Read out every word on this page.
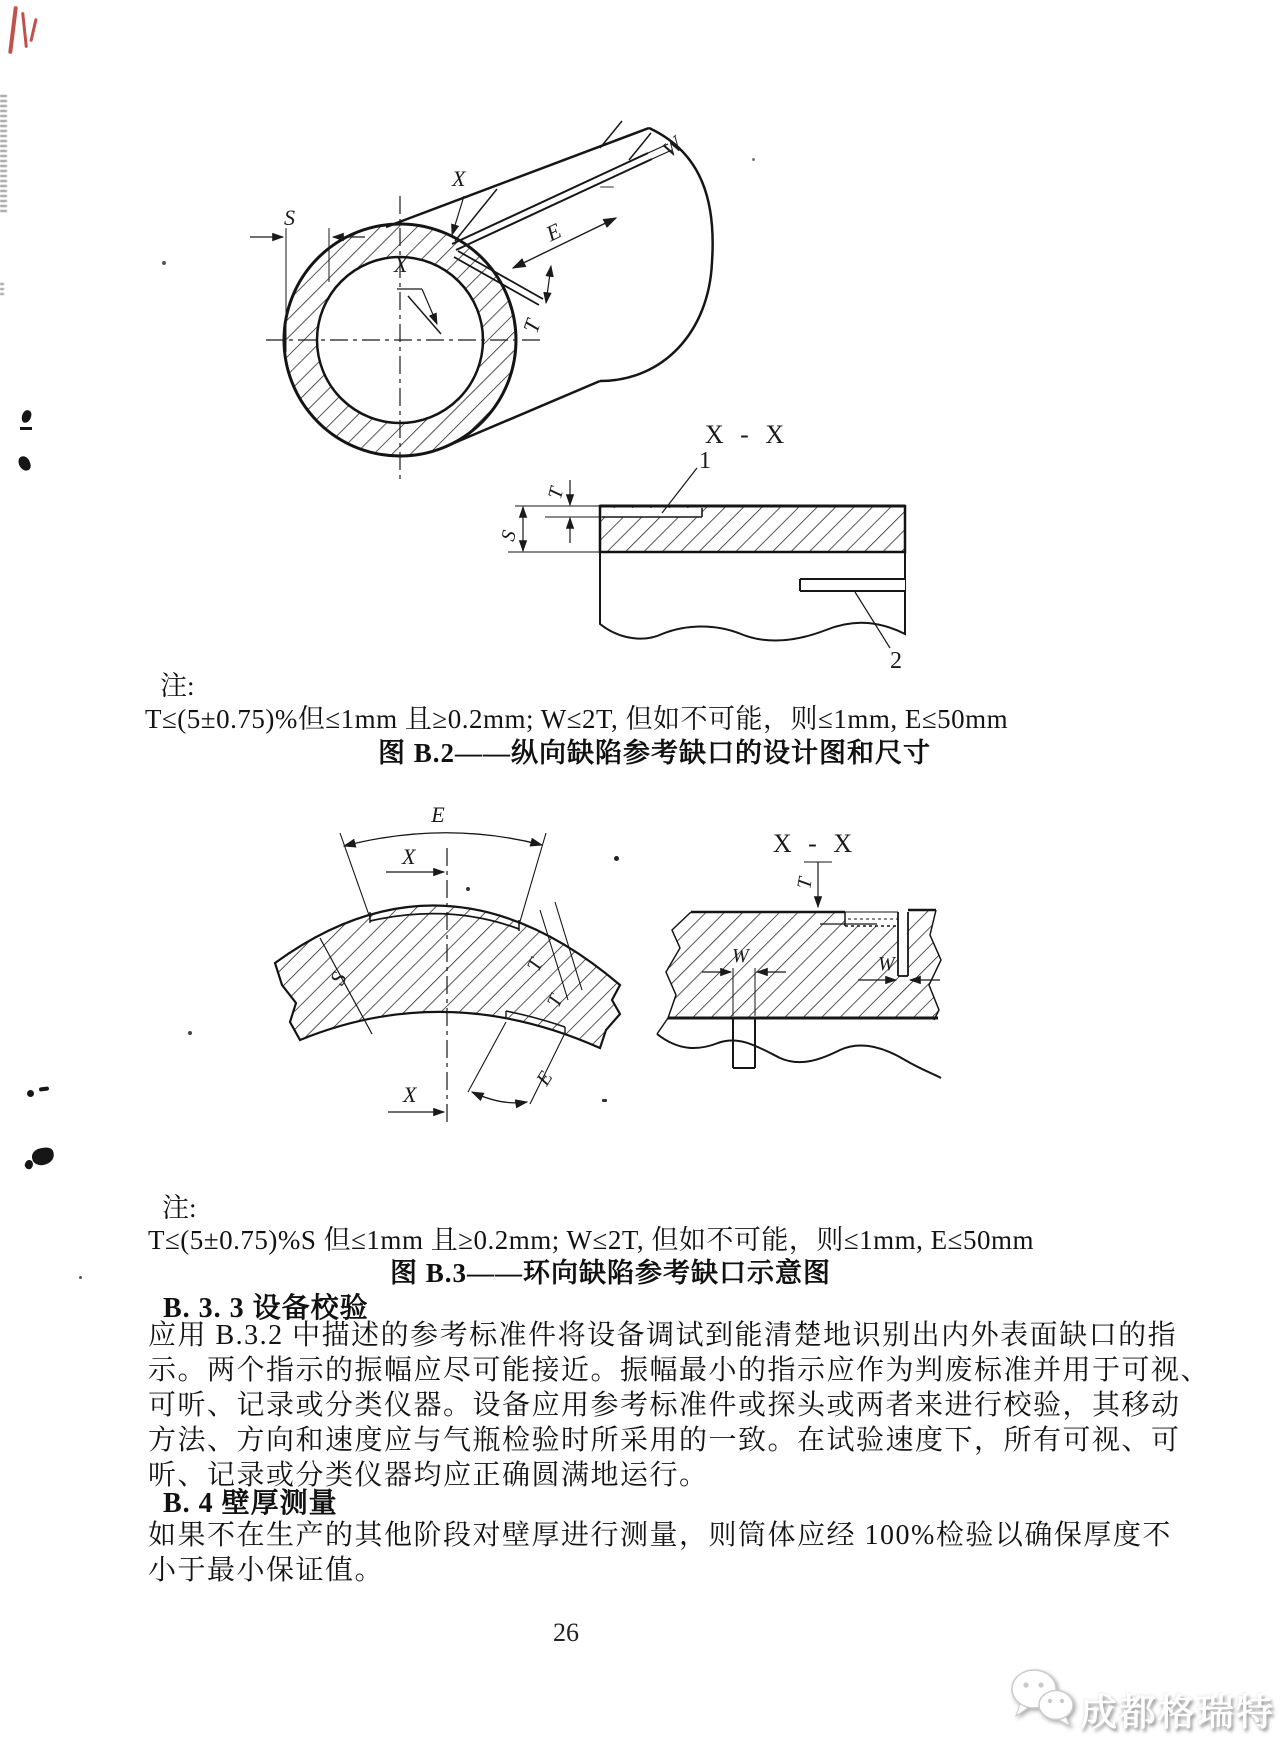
S
X
X
W
E
T
X - X
T
S
1
2
E
X
X
S
T
T
E
X - X
T
W	W
注:
T≤(5±0.75)%但≤1mm 且≥0.2mm; W≤2T, 但如不可能，则≤1mm, E≤50mm
图 B.2——纵向缺陷参考缺口的设计图和尺寸
注:
T≤(5±0.75)%S 但≤1mm 且≥0.2mm; W≤2T, 但如不可能，则≤1mm, E≤50mm
图 B.3——环向缺陷参考缺口示意图
B. 3. 3 设备校验
应用 B.3.2 中描述的参考标准件将设备调试到能清楚地识别出内外表面缺口的指
示。两个指示的振幅应尽可能接近。振幅最小的指示应作为判废标准并用于可视、
可听、记录或分类仪器。设备应用参考标准件或探头或两者来进行校验，其移动
方法、方向和速度应与气瓶检验时所采用的一致。在试验速度下，所有可视、可
听、记录或分类仪器均应正确圆满地运行。
B. 4 壁厚测量
如果不在生产的其他阶段对壁厚进行测量，则筒体应经 100%检验以确保厚度不
小于最小保证值。
26
成都格瑞特
